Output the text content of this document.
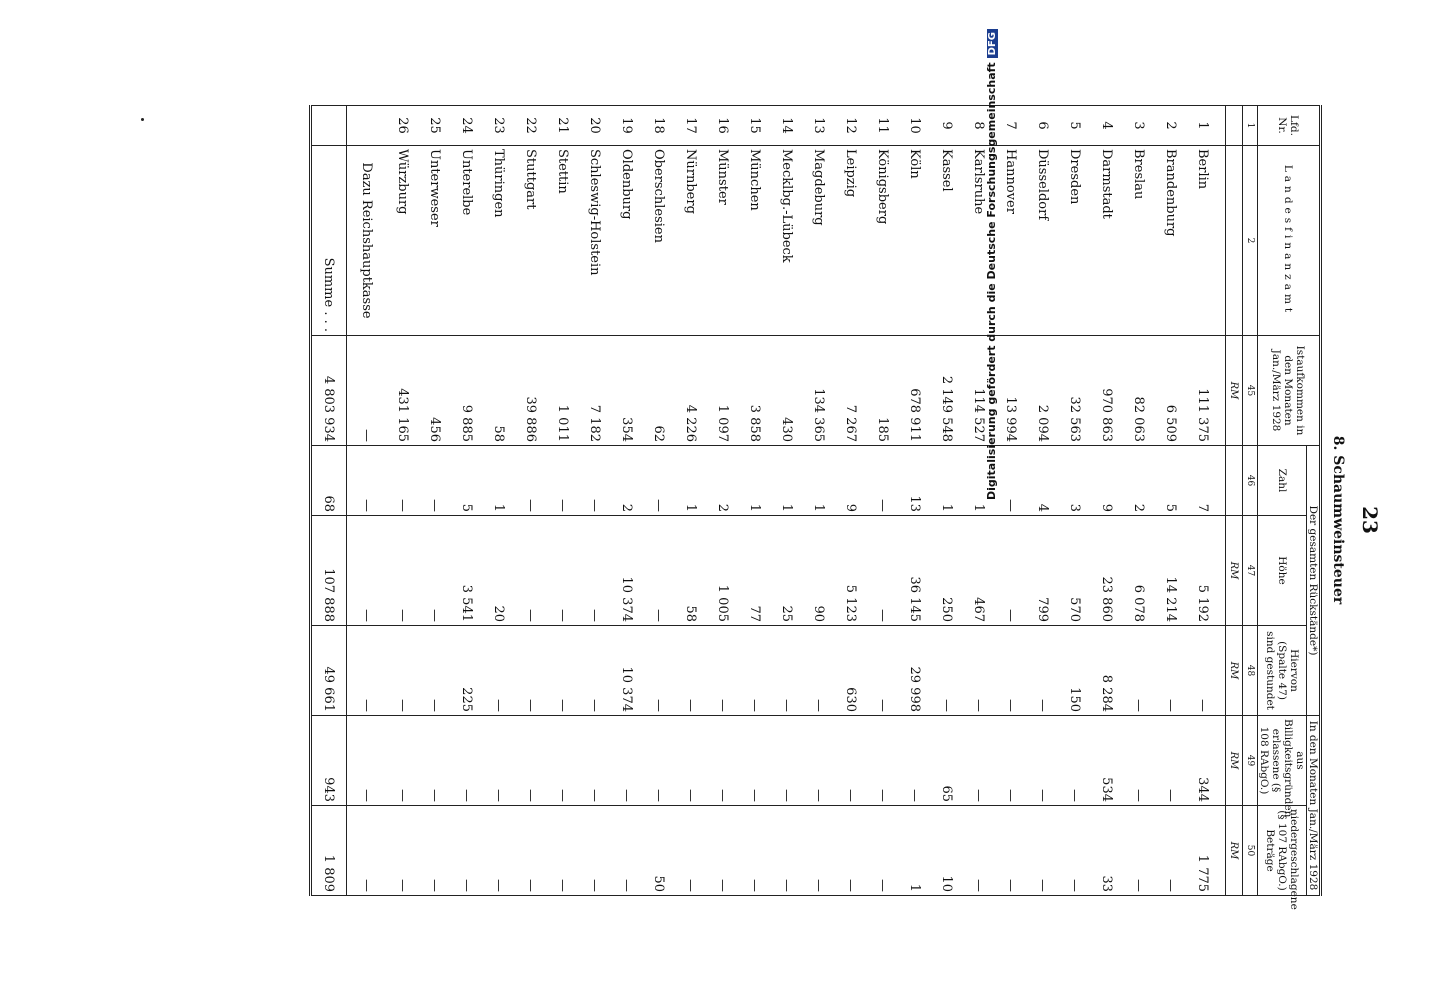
23
8. Schaumweinsteuer
Lfd. Nr.	Landesfinanzamt	Istaufkommen in den Monaten Jan./März 1928	Der gesamten Rückstände*)			In den Monaten Jan./März 1928	
			Zahl	Höhe	Hiervon (Spalte 47) sind gestundet	aus Billigkeitsgründen erlassene (§ 108 RAbgO.)	niedergeschlagene (§ 107 RAbgO.) Beträge
1	2	45	46	47	48	49	50
		RM		RM	RM	RM	RM
1	Berlin	111 375	7	5 192	—	344	1 775
2	Brandenburg	6 509	5	14 214	—	—	—
3	Breslau	82 063	2	6 078	—	—	—
4	Darmstadt	970 863	9	23 860	8 284	534	33
5	Dresden	32 563	3	570	150	—	—
6	Düsseldorf	2 094	4	799	—	—	—
7	Hannover	13 994	—	—	—	—	—
8	Karlsruhe	114 527	1	467	—	—	—
9	Kassel	2 149 548	1	250	—	65	10
10	Köln	678 911	13	36 145	29 998	—	1
11	Königsberg	185	—	—	—	—	—
12	Leipzig	7 267	9	5 123	630	—	—
13	Magdeburg	134 365	1	90	—	—	—
14	Mecklbg.-Lübeck	430	1	25	—	—	—
15	München	3 858	1	77	—	—	—
16	Münster	1 097	2	1 005	—	—	—
17	Nürnberg	4 226	1	58	—	—	—
18	Oberschlesien	62	—	—	—	—	50
19	Oldenburg	354	2	10 374	10 374	—	—
20	Schleswig-Holstein	7 182	—	—	—	—	—
21	Stettin	1 011	—	—	—	—	—
22	Stuttgart	39 886	—	—	—	—	—
23	Thüringen	58	1	20	—	—	—
24	Unterelbe	9 885	5	3 541	225	—	—
25	Unterweser	456	—	—	—	—	—
26	Würzburg	431 165	—	—	—	—	—
	Dazu Reichshauptkasse	—	—	—	—	—	—
	Summe . . .	4 803 934	68	107 888	49 661	943	1 809
Digitalisierung gefördert durch die Deutsche ForschungsgemeinschaftDFG
